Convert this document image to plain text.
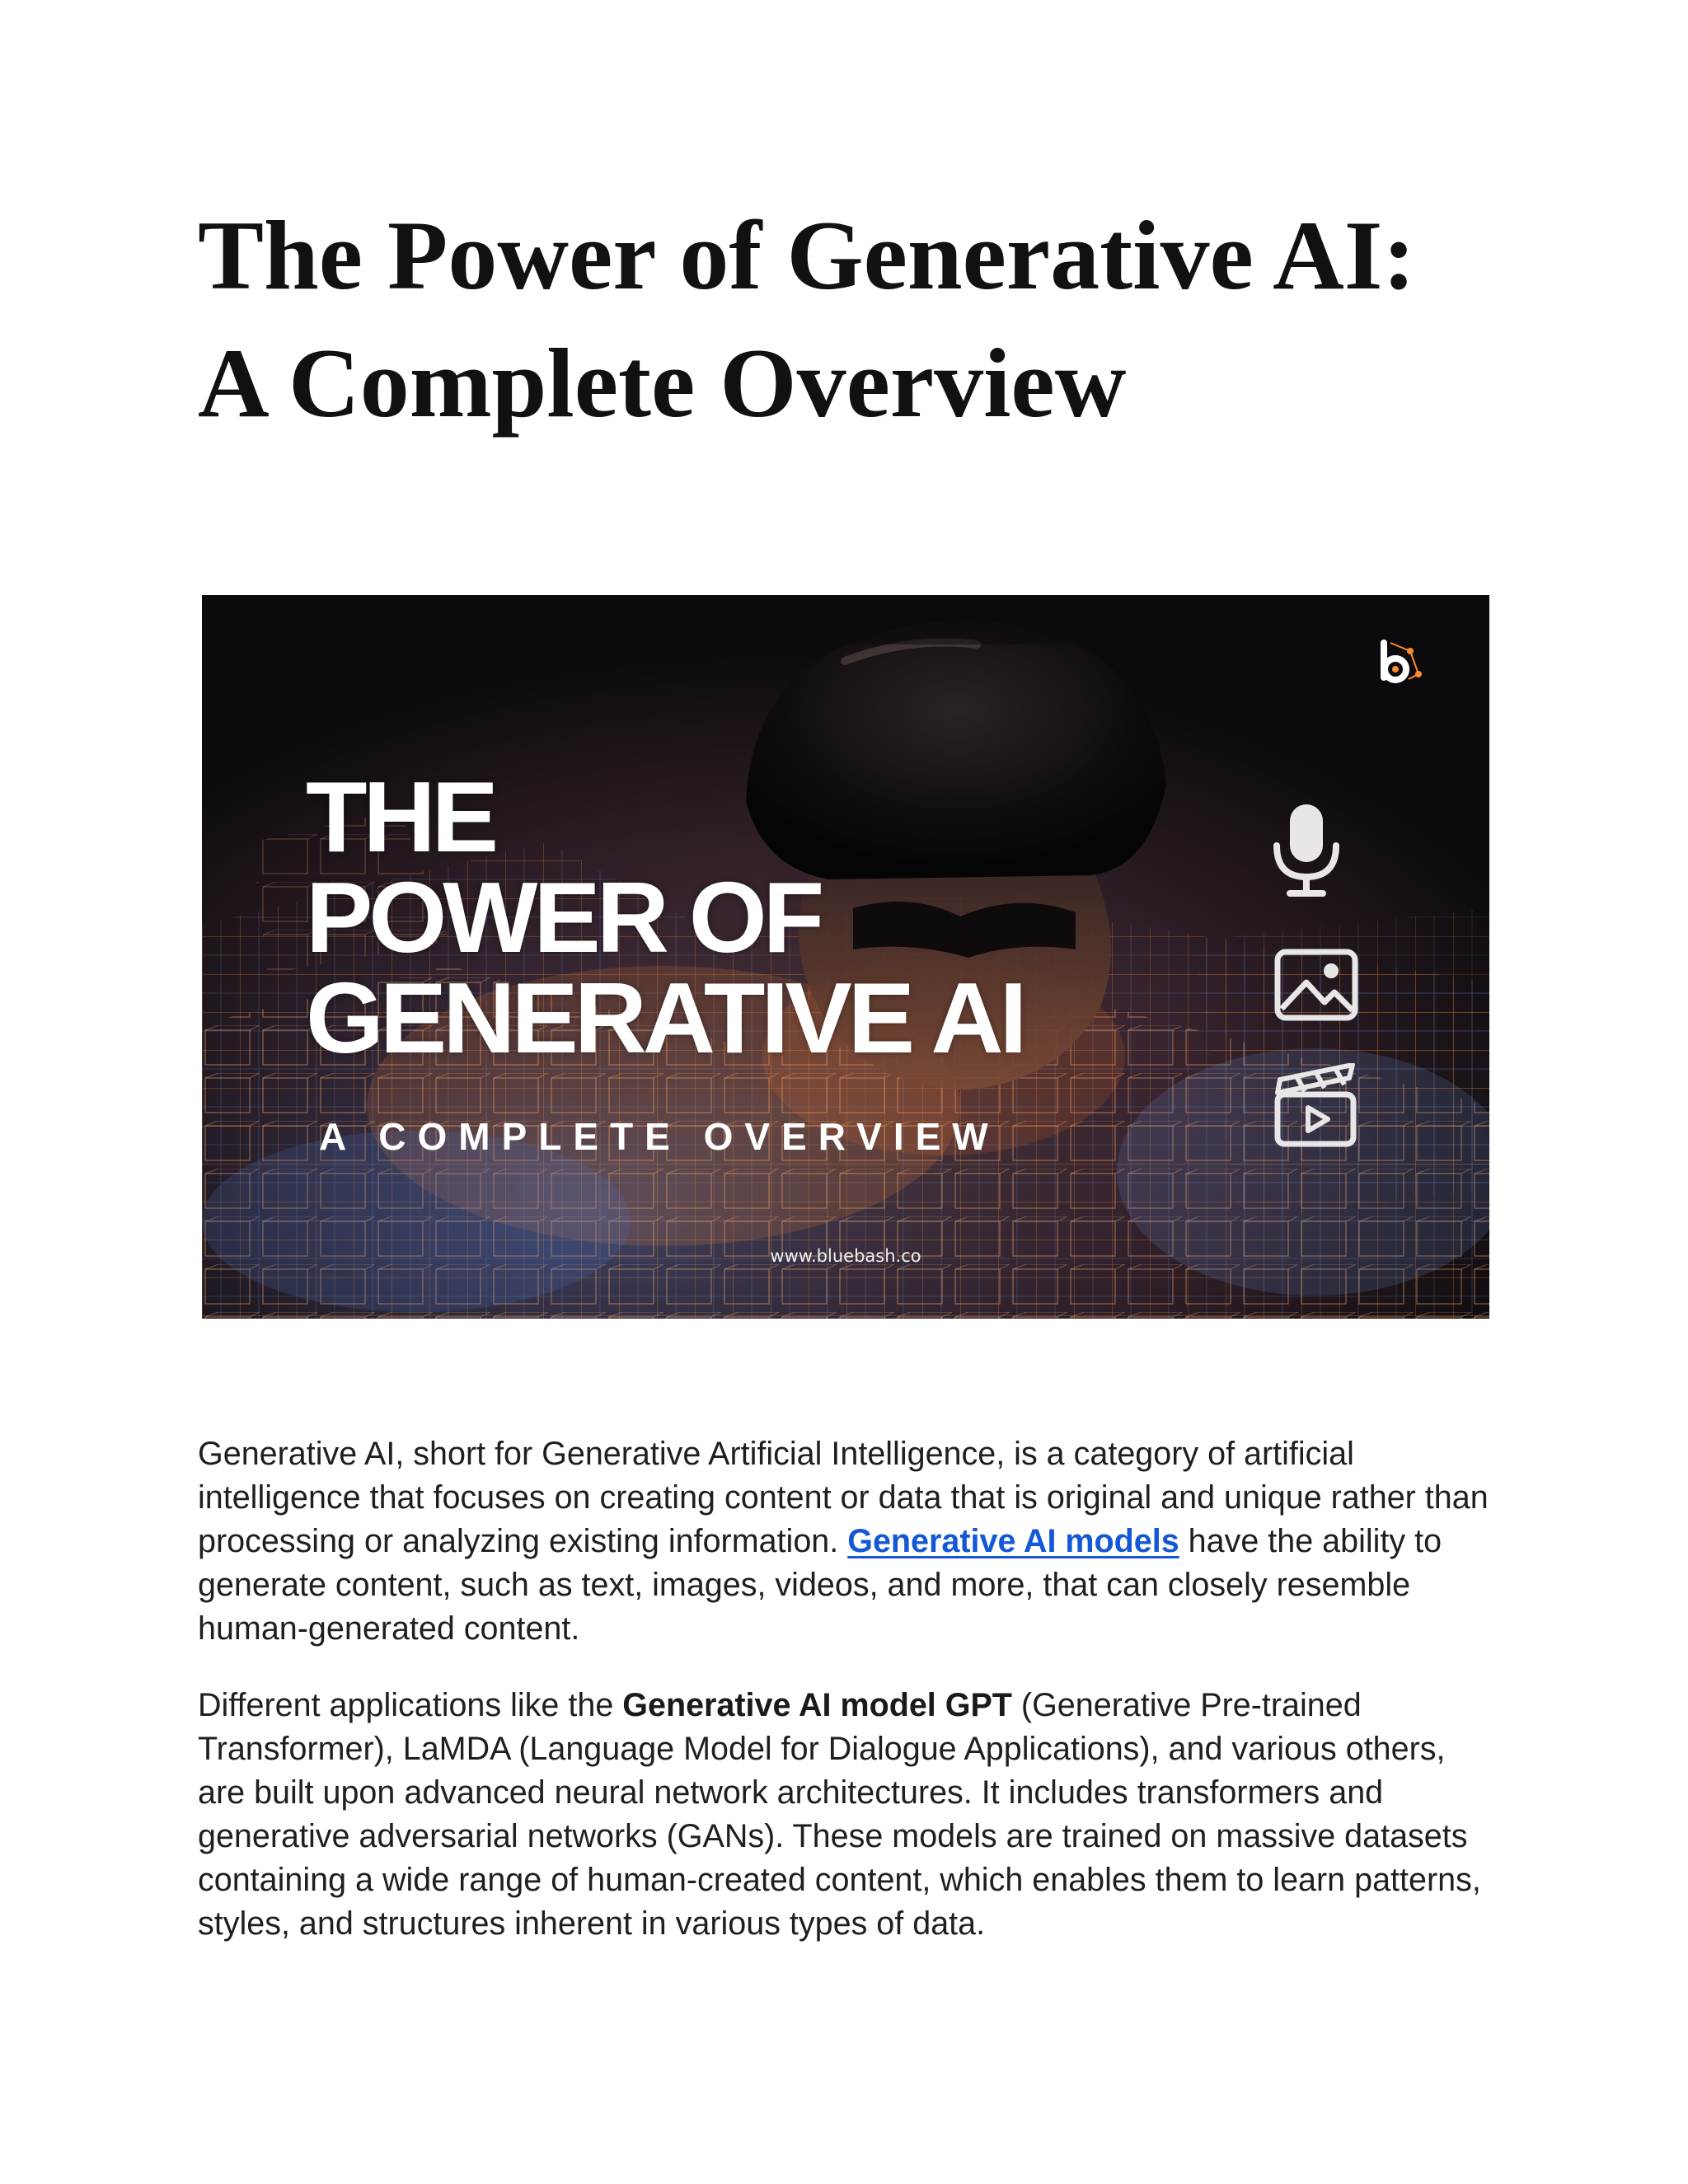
The Power of Generative AI:
A Complete Overview
THE
POWER OF
GENERATIVE AI
A COMPLETE OVERVIEW
www.bluebash.co

Generative AI, short for Generative Artificial Intelligence, is a category of artificial intelligence that focuses on creating content or data that is original and unique rather than processing or analyzing existing information. Generative AI models have the ability to generate content, such as text, images, videos, and more, that can closely resemble human-generated content.

Different applications like the Generative AI model GPT (Generative Pre-trained Transformer), LaMDA (Language Model for Dialogue Applications), and various others, are built upon advanced neural network architectures. It includes transformers and generative adversarial networks (GANs). These models are trained on massive datasets containing a wide range of human-created content, which enables them to learn patterns, styles, and structures inherent in various types of data.
